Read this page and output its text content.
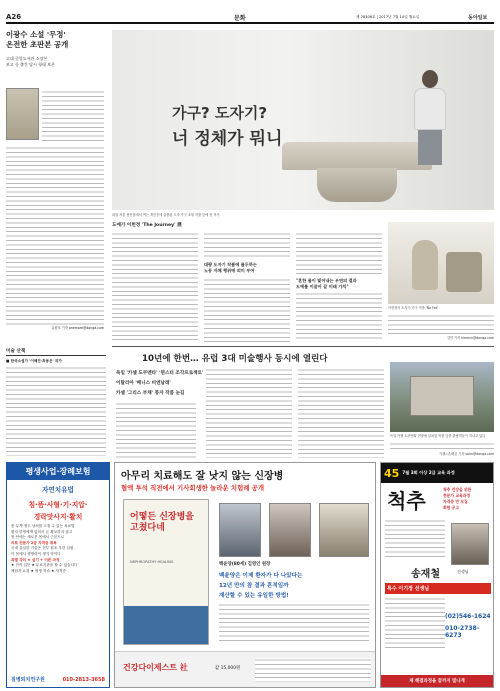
A26	문화	제 28306호 | 2017년 7월 10일 월요일	동아일보
이광수 소설 '무정'
온전한 초판본 공개
고대 중앙도서관 소장본
보고 등 출간 당시 형태 보존
유원모 기자 onemore@donga.com
가구? 도자기?
너 정체가 뭐니
내달 서울 용산점에서 여는 개인전에 출품된 도자 가구 조형 작품 앞에 선 작가
도예가 이헌정 'The Journey' 展
대량 도자기 작품에 몰두하는
노동 자체 행위에 의미 부여
"흔한 물이 빚어내는 우연의 결과
도예를 이끌어 갈 미래 가치"
이헌정의 도자기 가구 작품 'No Fall'
김민 기자 kimmin@donga.com
10년에 한번… 유럽 3대 미술행사 동시에 열린다
독일 '카셀 도쿠멘타' '뮌스터 조각프로젝트'
이탈리아 '베니스 비엔날레'
카셀 '그리스 부채' 풍자 작품 눈길
독일 카셀 도쿠멘타 현장에 설치된 작품 앞을 관람객들이 지나고 있다
카셀=손택균 기자 sohn@donga.com
미술 산책
■ 한국소설가 '이해진·최용은' 작가
평생사업·장례보험
자연치유법
침·뜸·사혈·기·지압·
경락맛사지·활치
몸 무게 정도 상처를 고칠 수 있는 치료법
환자 한명에게 없어서 돈 확보하지 않고
몸 안에는 새로운 몸에서 근본으로
의료 전문가 2급 자격증 취득
국내 유일한 기술은 전부 원조 우한 입원
이 몸에서 생명력이 생겨 약이다
특별 강의 ★ 실기 + 이론 과정
★ 전직 입문 ★ 무료기관을 할 수 있습니다
체험자 요청 ★ 평생 학습 ★ 자격증
질병퇴치연구원	010-2813-3658
아무리 치료해도 잘 낫지 않는 신장병
혈액 투석 직전에서 기사회생한 놀라운 치험례 공개
어떻든 신장병을 고쳤다네
NEPHROPATHY HEALING	백윤양(80세) 김영인 원장
백윤양은 이제 환자가 다 나았다는
12년 만의 참 결과 흔적일까
재산할 수 있는 유일한 방법!
건강다이제스트 社	값 15,000원
45 7월 3회 이상 2급 교육 과정
척추	척추 건강을 위한
전문가 교육과정
자격증 반 모집
회원 공고
송재철	선생님
특수 이기정 선생님
(02)546-1624
010-2738-6273
제 해결과정을 끝까지 빛나게
